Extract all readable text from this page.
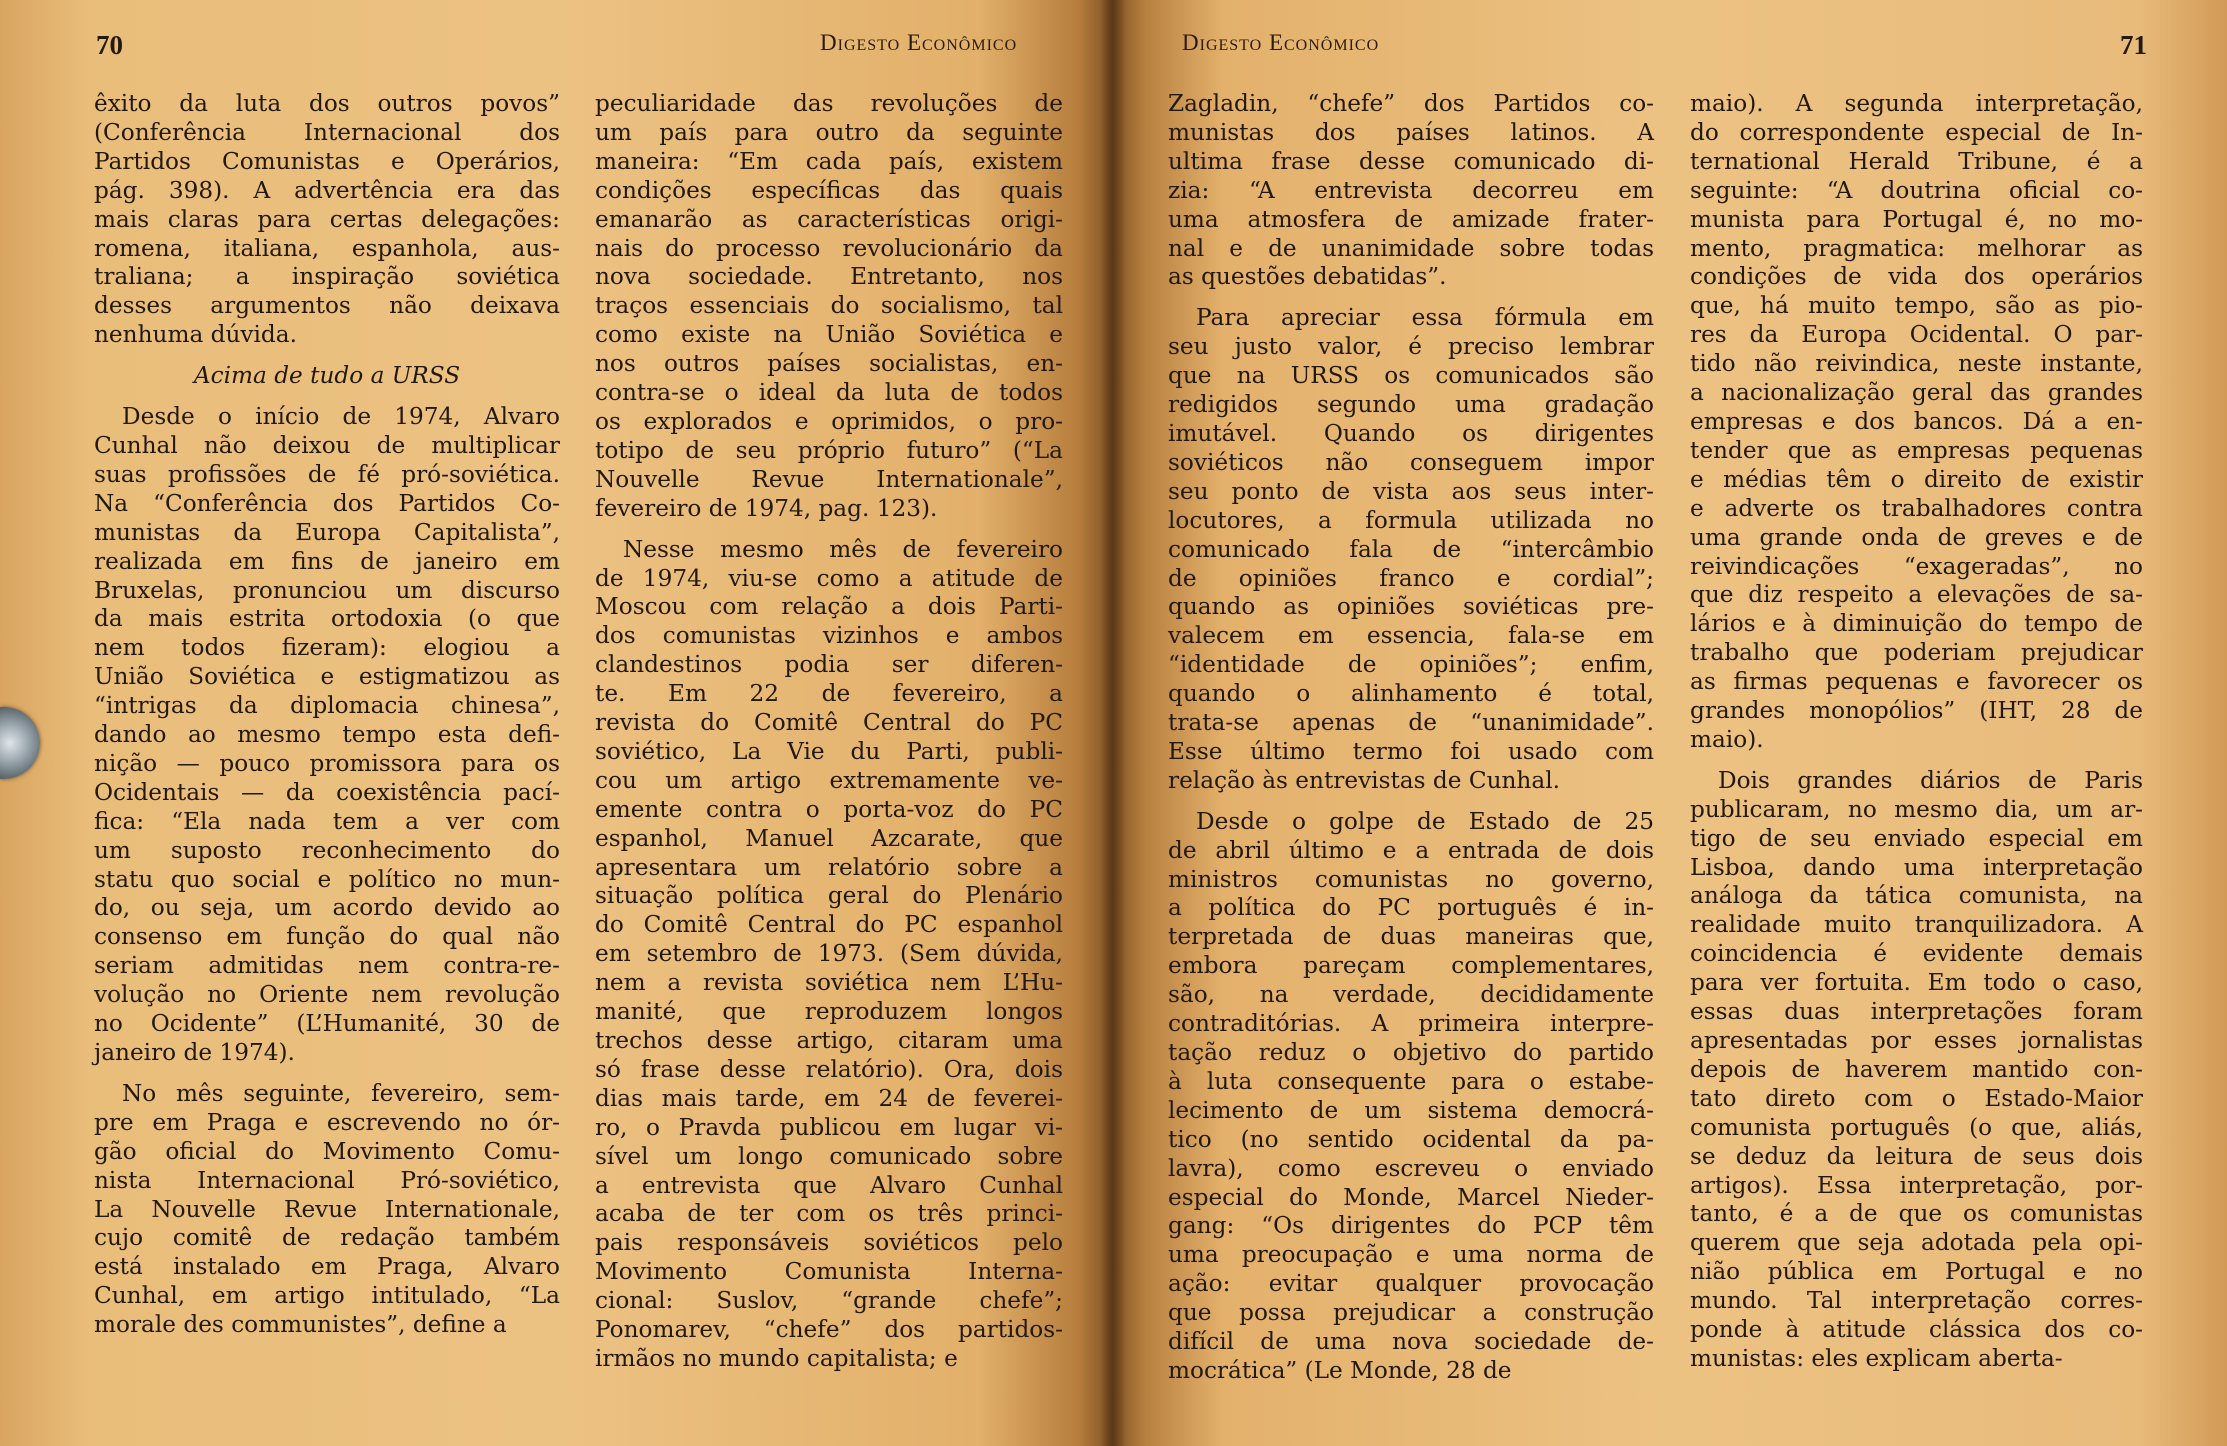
70	Digesto Econômico
êxito da luta dos outros povos”
(Conferência Internacional dos
Partidos Comunistas e Operários,
pág. 398). A advertência era das
mais claras para certas delegações:
romena, italiana, espanhola, aus-
traliana; a inspiração soviética
desses argumentos não deixava
nenhuma dúvida.
Acima de tudo a URSS
Desde o início de 1974, Alvaro
Cunhal não deixou de multiplicar
suas profissões de fé pró-soviética.
Na “Conferência dos Partidos Co-
munistas da Europa Capitalista”,
realizada em fins de janeiro em
Bruxelas, pronunciou um discurso
da mais estrita ortodoxia (o que
nem todos fizeram): elogiou a
União Soviética e estigmatizou as
“intrigas da diplomacia chinesa”,
dando ao mesmo tempo esta defi-
nição — pouco promissora para os
Ocidentais — da coexistência pací-
fica: “Ela nada tem a ver com
um suposto reconhecimento do
statu quo social e político no mun-
do, ou seja, um acordo devido ao
consenso em função do qual não
seriam admitidas nem contra-re-
volução no Oriente nem revolução
no Ocidente” (L’Humanité, 30 de
janeiro de 1974).
No mês seguinte, fevereiro, sem-
pre em Praga e escrevendo no ór-
gão oficial do Movimento Comu-
nista Internacional Pró-soviético,
La Nouvelle Revue Internationale,
cujo comitê de redação também
está instalado em Praga, Alvaro
Cunhal, em artigo intitulado, “La
morale des communistes”, define a
peculiaridade das revoluções de
um país para outro da seguinte
maneira: “Em cada país, existem
condições específicas das quais
emanarão as características origi-
nais do processo revolucionário da
nova sociedade. Entretanto, nos
traços essenciais do socialismo, tal
como existe na União Soviética e
nos outros países socialistas, en-
contra-se o ideal da luta de todos
os explorados e oprimidos, o pro-
totipo de seu próprio futuro” (“La
Nouvelle Revue Internationale”,
fevereiro de 1974, pag. 123).
Nesse mesmo mês de fevereiro
de 1974, viu-se como a atitude de
Moscou com relação a dois Parti-
dos comunistas vizinhos e ambos
clandestinos podia ser diferen-
te. Em 22 de fevereiro, a
revista do Comitê Central do PC
soviético, La Vie du Parti, publi-
cou um artigo extremamente ve-
emente contra o porta-voz do PC
espanhol, Manuel Azcarate, que
apresentara um relatório sobre a
situação política geral do Plenário
do Comitê Central do PC espanhol
em setembro de 1973. (Sem dúvida,
nem a revista soviética nem L’Hu-
manité, que reproduzem longos
trechos desse artigo, citaram uma
só frase desse relatório). Ora, dois
dias mais tarde, em 24 de feverei-
ro, o Pravda publicou em lugar vi-
sível um longo comunicado sobre
a entrevista que Alvaro Cunhal
acaba de ter com os três princi-
pais responsáveis soviéticos pelo
Movimento Comunista Interna-
cional: Suslov, “grande chefe”;
Ponomarev, “chefe” dos partidos-
irmãos no mundo capitalista; e
Digesto Econômico	71
Zagladin, “chefe” dos Partidos co-
munistas dos países latinos. A
ultima frase desse comunicado di-
zia: “A entrevista decorreu em
uma atmosfera de amizade frater-
nal e de unanimidade sobre todas
as questões debatidas”.
Para apreciar essa fórmula em
seu justo valor, é preciso lembrar
que na URSS os comunicados são
redigidos segundo uma gradação
imutável. Quando os dirigentes
soviéticos não conseguem impor
seu ponto de vista aos seus inter-
locutores, a formula utilizada no
comunicado fala de “intercâmbio
de opiniões franco e cordial”;
quando as opiniões soviéticas pre-
valecem em essencia, fala-se em
“identidade de opiniões”; enfim,
quando o alinhamento é total,
trata-se apenas de “unanimidade”.
Esse último termo foi usado com
relação às entrevistas de Cunhal.
Desde o golpe de Estado de 25
de abril último e a entrada de dois
ministros comunistas no governo,
a política do PC português é in-
terpretada de duas maneiras que,
embora pareçam complementares,
são, na verdade, decididamente
contraditórias. A primeira interpre-
tação reduz o objetivo do partido
à luta consequente para o estabe-
lecimento de um sistema democrá-
tico (no sentido ocidental da pa-
lavra), como escreveu o enviado
especial do Monde, Marcel Nieder-
gang: “Os dirigentes do PCP têm
uma preocupação e uma norma de
ação: evitar qualquer provocação
que possa prejudicar a construção
difícil de uma nova sociedade de-
mocrática” (Le Monde, 28 de
maio). A segunda interpretação,
do correspondente especial de In-
ternational Herald Tribune, é a
seguinte: “A doutrina oficial co-
munista para Portugal é, no mo-
mento, pragmatica: melhorar as
condições de vida dos operários
que, há muito tempo, são as pio-
res da Europa Ocidental. O par-
tido não reivindica, neste instante,
a nacionalização geral das grandes
empresas e dos bancos. Dá a en-
tender que as empresas pequenas
e médias têm o direito de existir
e adverte os trabalhadores contra
uma grande onda de greves e de
reivindicações “exageradas”, no
que diz respeito a elevações de sa-
lários e à diminuição do tempo de
trabalho que poderiam prejudicar
as firmas pequenas e favorecer os
grandes monopólios” (IHT, 28 de
maio).
Dois grandes diários de Paris
publicaram, no mesmo dia, um ar-
tigo de seu enviado especial em
Lisboa, dando uma interpretação
análoga da tática comunista, na
realidade muito tranquilizadora. A
coincidencia é evidente demais
para ver fortuita. Em todo o caso,
essas duas interpretações foram
apresentadas por esses jornalistas
depois de haverem mantido con-
tato direto com o Estado-Maior
comunista português (o que, aliás,
se deduz da leitura de seus dois
artigos). Essa interpretação, por-
tanto, é a de que os comunistas
querem que seja adotada pela opi-
nião pública em Portugal e no
mundo. Tal interpretação corres-
ponde à atitude clássica dos co-
munistas: eles explicam aberta-
